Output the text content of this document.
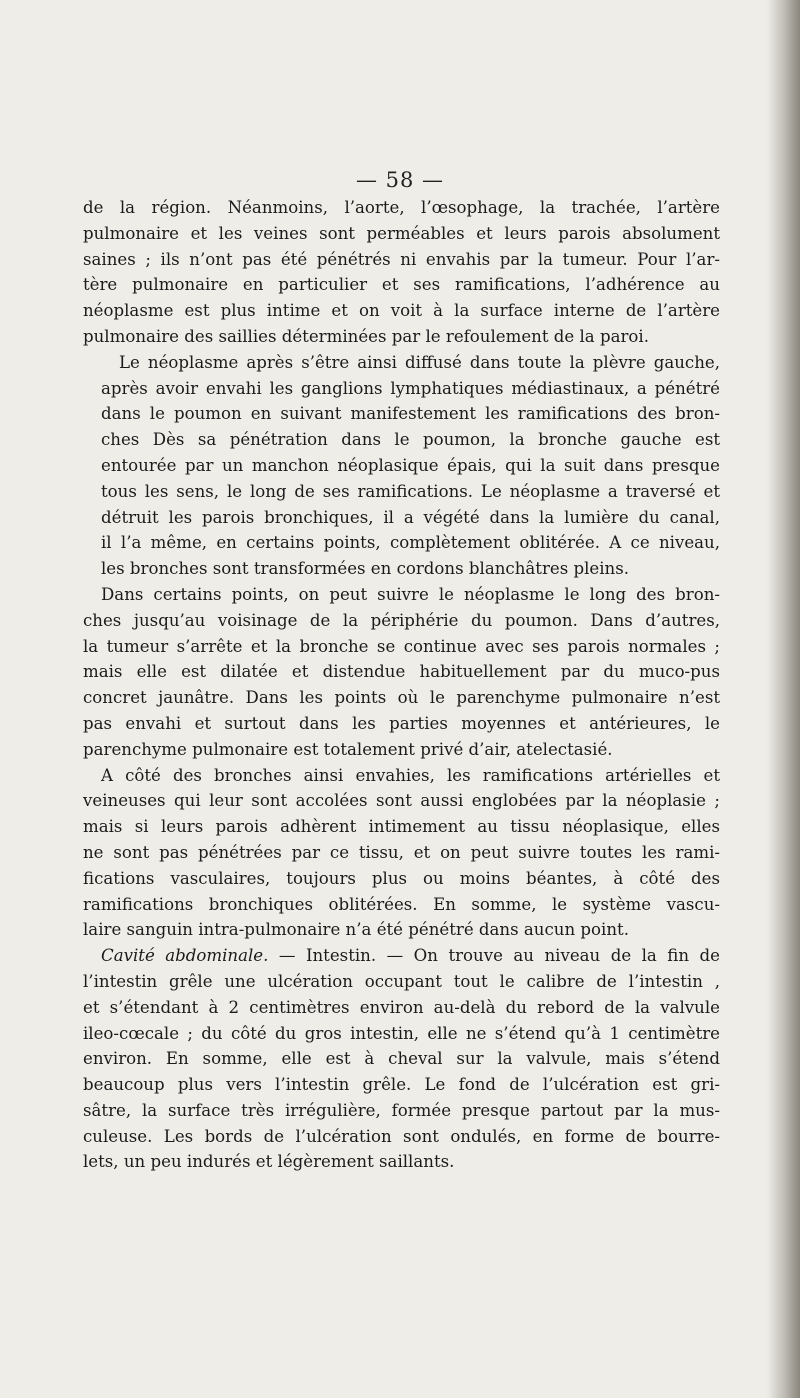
— 58 —

de la région. Néanmoins, l’aorte, l’œsophage, la trachée, l’artère
pulmonaire et les veines sont perméables et leurs parois absolument
saines ; ils n’ont pas été pénétrés ni envahis par la tumeur. Pour l’ar-
tère pulmonaire en particulier et ses ramifications, l’adhérence au
néoplasme est plus intime et on voit à la surface interne de l’artère
pulmonaire des saillies déterminées par le refoulement de la paroi.

Le néoplasme après s’être ainsi diffusé dans toute la plèvre gauche,
après avoir envahi les ganglions lymphatiques médiastinaux, a pénétré
dans le poumon en suivant manifestement les ramifications des bron-
ches Dès sa pénétration dans le poumon, la bronche gauche est
entourée par un manchon néoplasique épais, qui la suit dans presque
tous les sens, le long de ses ramifications. Le néoplasme a traversé et
détruit les parois bronchiques, il a végété dans la lumière du canal,
il l’a même, en certains points, complètement oblitérée. A ce niveau,
les bronches sont transformées en cordons blanchâtres pleins.

Dans certains points, on peut suivre le néoplasme le long des bron-
ches jusqu’au voisinage de la périphérie du poumon. Dans d’autres,
la tumeur s’arrête et la bronche se continue avec ses parois normales ;
mais elle est dilatée et distendue habituellement par du muco-pus
concret jaunâtre. Dans les points où le parenchyme pulmonaire n’est
pas envahi et surtout dans les parties moyennes et antérieures, le
parenchyme pulmonaire est totalement privé d’air, atelectasié.

A côté des bronches ainsi envahies, les ramifications artérielles et
veineuses qui leur sont accolées sont aussi englobées par la néoplasie ;
mais si leurs parois adhèrent intimement au tissu néoplasique, elles
ne sont pas pénétrées par ce tissu, et on peut suivre toutes les rami-
fications vasculaires, toujours plus ou moins béantes, à côté des
ramifications bronchiques oblitérées. En somme, le système vascu-
laire sanguin intra-pulmonaire n’a été pénétré dans aucun point.

Cavité abdominale. — Intestin. — On trouve au niveau de la fin de
l’intestin grêle une ulcération occupant tout le calibre de l’intestin ,
et s’étendant à 2 centimètres environ au-delà du rebord de la valvule
ileo-cœcale ; du côté du gros intestin, elle ne s’étend qu’à 1 centimètre
environ. En somme, elle est à cheval sur la valvule, mais s’étend
beaucoup plus vers l’intestin grêle. Le fond de l’ulcération est gri-
sâtre, la surface très irrégulière, formée presque partout par la mus-
culeuse. Les bords de l’ulcération sont ondulés, en forme de bourre-
lets, un peu indurés et légèrement saillants.
